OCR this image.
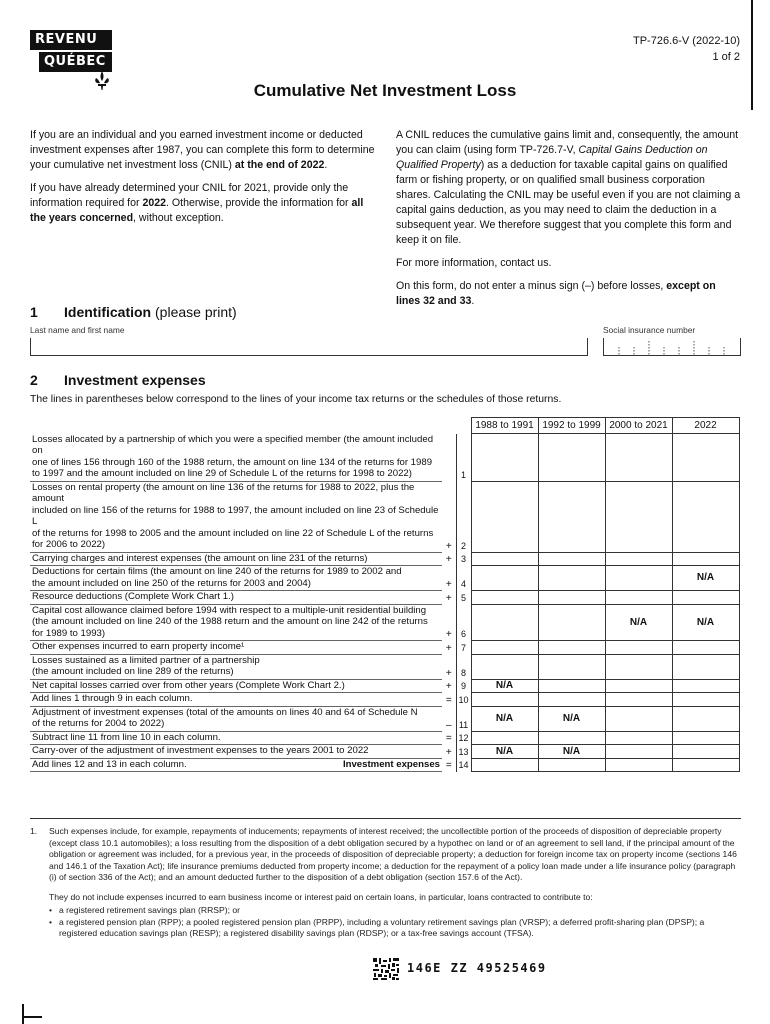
REVENU
QUÉBEC
TP-726.6-V (2022-10)
1 of 2
Cumulative Net Investment Loss

If you are an individual and you earned investment income or deducted investment expenses after 1987, you can complete this form to determine your cumulative net investment loss (CNIL) at the end of 2022.

If you have already determined your CNIL for 2021, provide only the information required for 2022. Otherwise, provide the information for all the years concerned, without exception.

A CNIL reduces the cumulative gains limit and, consequently, the amount you can claim (using form TP-726.7-V, Capital Gains Deduction on Qualified Property) as a deduction for taxable capital gains on qualified farm or fishing property, or on qualified small business corporation shares. Calculating the CNIL may be useful even if you are not claiming a capital gains deduction, as you may need to claim the deduction in a subsequent year. We therefore suggest that you complete this form and keep it on file.

For more information, contact us.

On this form, do not enter a minus sign (–) before losses, except on lines 32 and 33.

1 Identification (please print)
Last name and first name	Social insurance number
2 Investment expenses
The lines in parentheses below correspond to the lines of your income tax returns or the schedules of those returns.
			1988 to 1991	1992 to 1999	2000 to 2021	2022

Losses allocated by a partnership of which you were a specified member (the amount included on
one of lines 156 through 160 of the 1988 return, the amount on line 134 of the returns for 1989
to 1997 and the amount included on line 29 of Schedule L of the returns for 1998 to 2022)		1				

Losses on rental property (the amount on line 136 of the returns for 1988 to 2022, plus the amount
included on line 156 of the returns for 1988 to 1997, the amount included on line 23 of Schedule L
of the returns for 1998 to 2005 and the amount included on line 22 of Schedule L of the returns
for 2006 to 2022)	+	2				

Carrying charges and interest expenses (the amount on line 231 of the returns)	+	3				

Deductions for certain films (the amount on line 240 of the returns for 1989 to 2002 and
the amount included on line 250 of the returns for 2003 and 2004)	+	4				N/A

Resource deductions (Complete Work Chart 1.)	+	5				

Capital cost allowance claimed before 1994 with respect to a multiple-unit residential building
(the amount included on line 240 of the 1988 return and the amount on line 242 of the returns
for 1989 to 1993)	+	6			N/A	N/A

Other expenses incurred to earn property income¹	+	7				

Losses sustained as a limited partner of a partnership
(the amount included on line 289 of the returns)	+	8				

Net capital losses carried over from other years (Complete Work Chart 2.)	+	9	N/A			

Add lines 1 through 9 in each column.	=	10				

Adjustment of investment expenses (total of the amounts on lines 40 and 64 of Schedule N
of the returns for 2004 to 2022)	–	11	N/A	N/A		

Subtract line 11 from line 10 in each column.	=	12				

Carry-over of the adjustment of investment expenses to the years 2001 to 2022	+	13	N/A	N/A		

Add lines 12 and 13 in each column. Investment expenses	=	14				
1. Such expenses include, for example, repayments of inducements; repayments of interest received; the uncollectible portion of the proceeds of disposition of depreciable property (except class 10.1 automobiles); a loss resulting from the disposition of a debt obligation secured by a hypothec on land or of an agreement to sell land, if the principal amount of the obligation or agreement was included, for a previous year, in the proceeds of disposition of depreciable property; a deduction for foreign income tax on property income (sections 146 and 146.1 of the Taxation Act); life insurance premiums deducted from property income; a deduction for the repayment of a policy loan made under a life insurance policy (paragraph (i) of section 336 of the Act); and an amount deducted further to the disposition of a debt obligation (section 157.6 of the Act).
They do not include expenses incurred to earn business income or interest paid on certain loans, in particular, loans contracted to contribute to:
• a registered retirement savings plan (RRSP); or
• a registered pension plan (RPP); a pooled registered pension plan (PRPP), including a voluntary retirement savings plan (VRSP); a deferred profit-sharing plan (DPSP); a registered education savings plan (RESP); a registered disability savings plan (RDSP); or a tax-free savings account (TFSA).
146E ZZ 49525469
